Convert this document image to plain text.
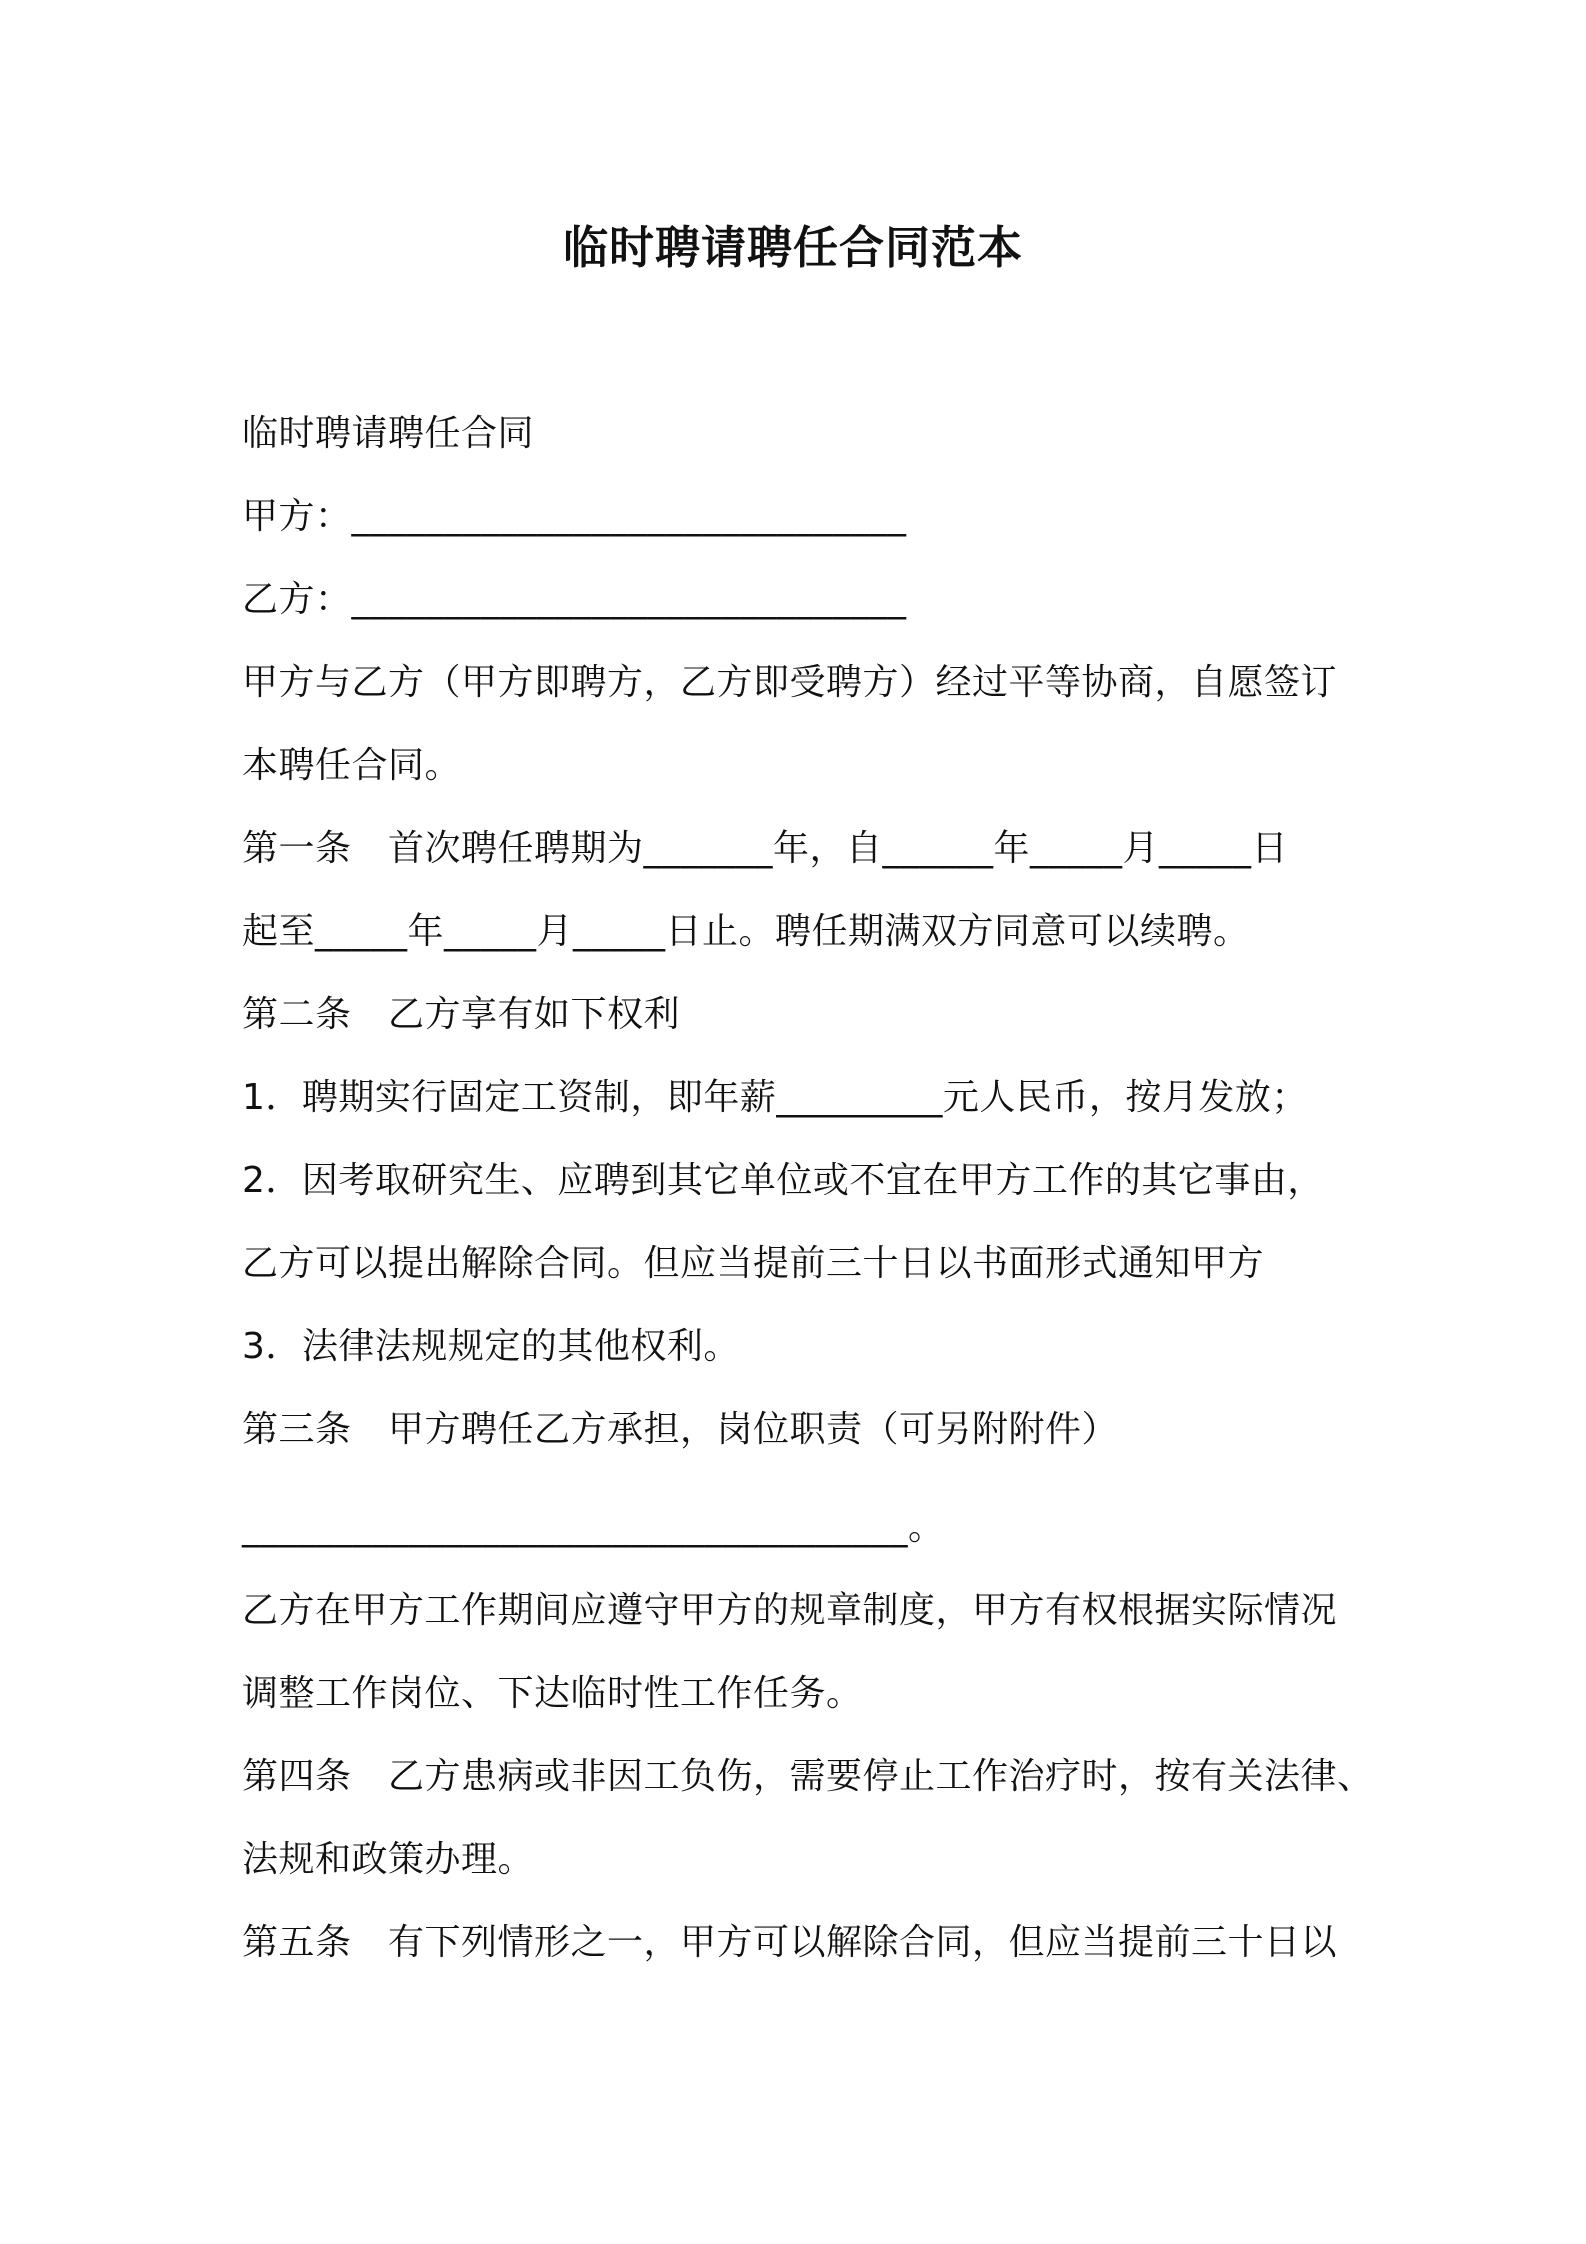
临时聘请聘任合同范本
临时聘请聘任合同
甲方：______________________________
乙方：______________________________
甲方与乙方（甲方即聘方，乙方即受聘方）经过平等协商，自愿签订
本聘任合同。
第一条　首次聘任聘期为_______年，自______年_____月_____日
起至_____年_____月_____日止。聘任期满双方同意可以续聘。
第二条　乙方享有如下权利
1．聘期实行固定工资制，即年薪_________元人民币，按月发放；
2．因考取研究生、应聘到其它单位或不宜在甲方工作的其它事由，
乙方可以提出解除合同。但应当提前三十日以书面形式通知甲方
3．法律法规规定的其他权利。
第三条　甲方聘任乙方承担，岗位职责（可另附附件）
____________________________________。
乙方在甲方工作期间应遵守甲方的规章制度，甲方有权根据实际情况
调整工作岗位、下达临时性工作任务。
第四条　乙方患病或非因工负伤，需要停止工作治疗时，按有关法律、
法规和政策办理。
第五条　有下列情形之一，甲方可以解除合同，但应当提前三十日以
